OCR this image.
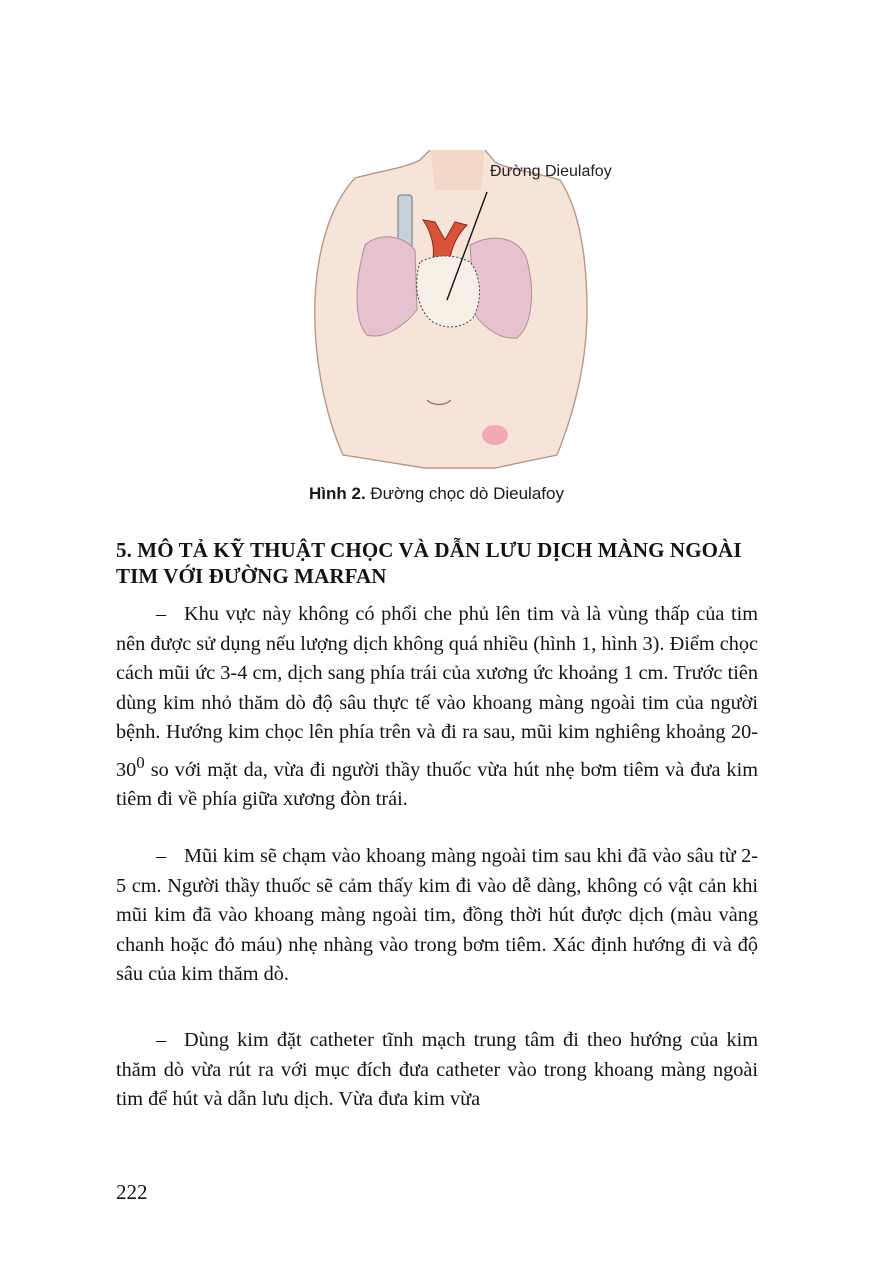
Đường Dieulafoy
Hình 2. Đường chọc dò Dieulafoy
5. MÔ TẢ KỸ THUẬT CHỌC VÀ DẪN LƯU DỊCH MÀNG NGOÀI TIM VỚI ĐƯỜNG MARFAN

– Khu vực này không có phổi che phủ lên tim và là vùng thấp của tim nên được sử dụng nếu lượng dịch không quá nhiều (hình 1, hình 3). Điểm chọc cách mũi ức 3-4 cm, dịch sang phía trái của xương ức khoảng 1 cm. Trước tiên dùng kim nhỏ thăm dò độ sâu thực tế vào khoang màng ngoài tim của người bệnh. Hướng kim chọc lên phía trên và đi ra sau, mũi kim nghiêng khoảng $20-30^0$ so với mặt da, vừa đi người thầy thuốc vừa hút nhẹ bơm tiêm và đưa kim tiêm đi về phía giữa xương đòn trái.

– Mũi kim sẽ chạm vào khoang màng ngoài tim sau khi đã vào sâu từ 2-5 cm. Người thầy thuốc sẽ cảm thấy kim đi vào dễ dàng, không có vật cản khi mũi kim đã vào khoang màng ngoài tim, đồng thời hút được dịch (màu vàng chanh hoặc đỏ máu) nhẹ nhàng vào trong bơm tiêm. Xác định hướng đi và độ sâu của kim thăm dò.

– Dùng kim đặt catheter tĩnh mạch trung tâm đi theo hướng của kim thăm dò vừa rút ra với mục đích đưa catheter vào trong khoang màng ngoài tim để hút và dẫn lưu dịch. Vừa đưa kim vừa

222
